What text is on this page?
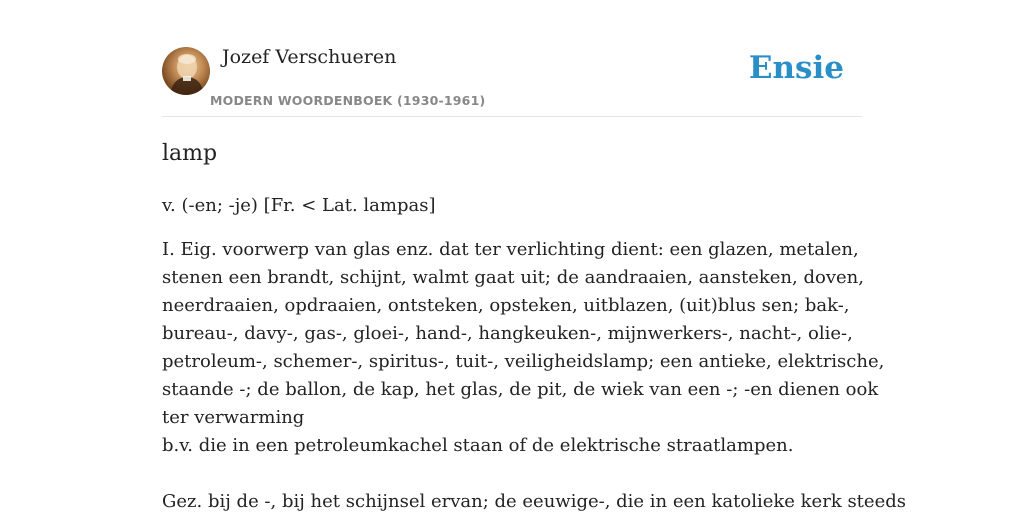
Jozef Verschueren
MODERN WOORDENBOEK (1930-1961)
Ensie
lamp

v. (-en; -je) [Fr. < Lat. lampas]

I. Eig. voorwerp van glas enz. dat ter verlichting dient: een glazen, metalen,
stenen een brandt, schijnt, walmt gaat uit; de aandraaien, aansteken, doven,
neerdraaien, opdraaien, ontsteken, opsteken, uitblazen, (uit)blus sen; bak-,
bureau-, davy-, gas-, gloei-, hand-, hangkeuken-, mijnwerkers-, nacht-, olie-,
petroleum-, schemer-, spiritus-, tuit-, veiligheidslamp; een antieke, elektrische,
staande -; de ballon, de kap, het glas, de pit, de wiek van een -; -en dienen ook
ter verwarming
b.v. die in een petroleumkachel staan of de elektrische straatlampen.
Gez. bij de -, bij het schijnsel ervan; de eeuwige-, die in een katolieke kerk steeds
